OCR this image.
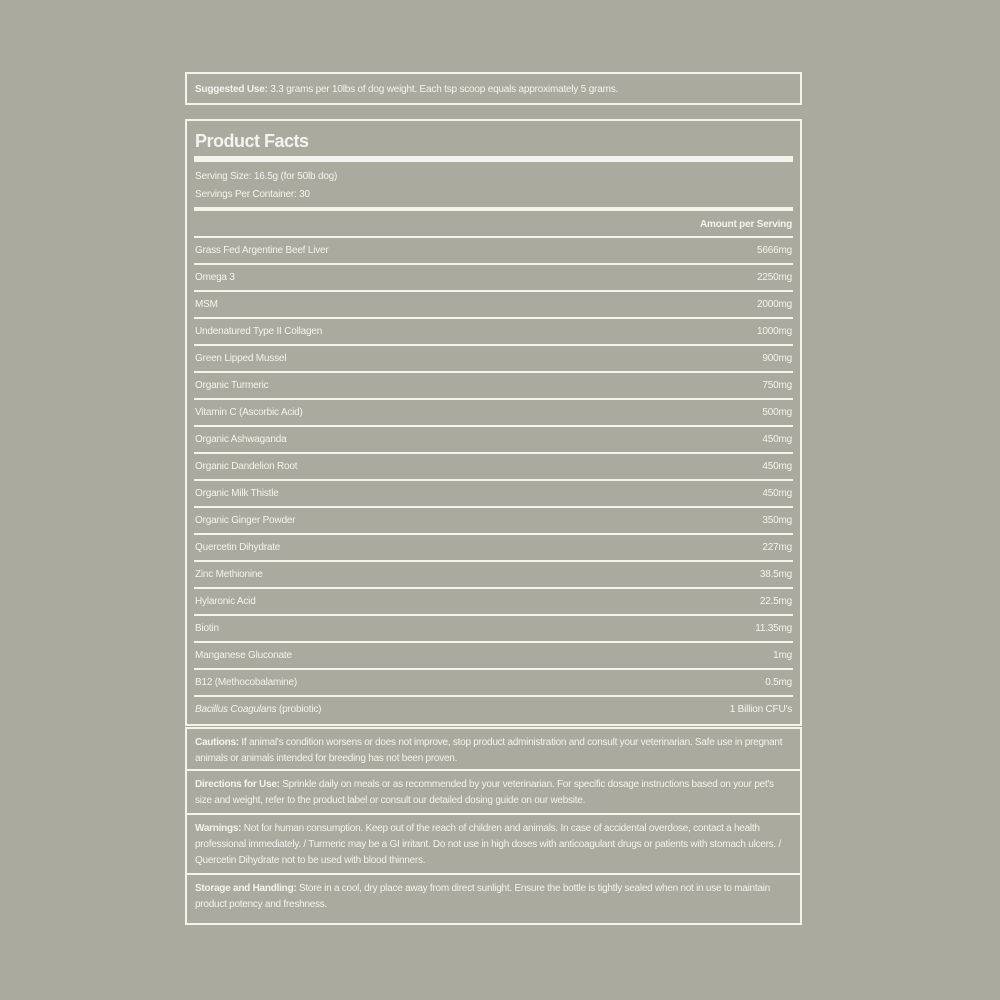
Suggested Use: 3.3 grams per 10lbs of dog weight. Each tsp scoop equals approximately 5 grams.

Product Facts
Serving Size: 16.5g (for 50lb dog)
Servings Per Container: 30
Amount per Serving
Grass Fed Argentine Beef Liver	5666mg
Omega 3	2250mg
MSM	2000mg
Undenatured Type II Collagen	1000mg
Green Lipped Mussel	900mg
Organic Turmeric	750mg
Vitamin C (Ascorbic Acid)	500mg
Organic Ashwaganda	450mg
Organic Dandelion Root	450mg
Organic Milk Thistle	450mg
Organic Ginger Powder	350mg
Quercetin Dihydrate	227mg
Zinc Methionine	38.5mg
Hylaronic Acid	22.5mg
Biotin	11.35mg
Manganese Gluconate	1mg
B12 (Methocobalamine)	0.5mg
Bacillus Coagulans (probiotic)	1 Billion CFU's

Cautions: If animal's condition worsens or does not improve, stop product administration and consult your veterinarian. Safe use in pregnant animals or animals intended for breeding has not been proven.

Directions for Use: Sprinkle daily on meals or as recommended by your veterinarian. For specific dosage instructions based on your pet's size and weight, refer to the product label or consult our detailed dosing guide on our website.

Warnings: Not for human consumption. Keep out of the reach of children and animals. In case of accidental overdose, contact a health professional immediately. / Turmeric may be a GI irritant. Do not use in high doses with anticoagulant drugs or patients with stomach ulcers. / Quercetin Dihydrate not to be used with blood thinners.

Storage and Handling: Store in a cool, dry place away from direct sunlight. Ensure the bottle is tightly sealed when not in use to maintain product potency and freshness.
